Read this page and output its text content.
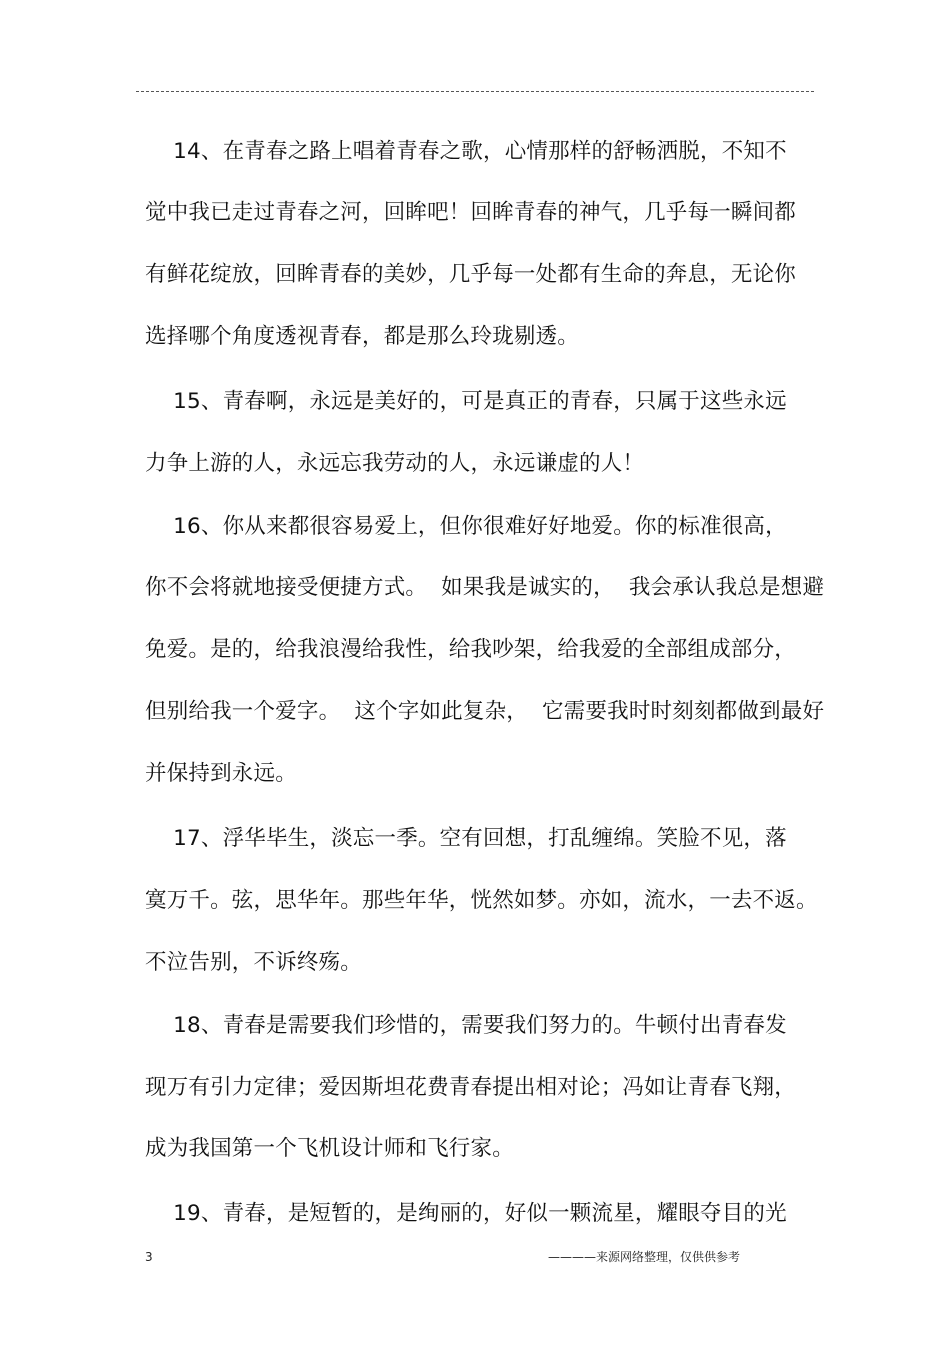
14、在青春之路上唱着青春之歌，心情那样的舒畅洒脱，不知不
觉中我已走过青春之河，回眸吧！回眸青春的神气，几乎每一瞬间都
有鲜花绽放，回眸青春的美妙，几乎每一处都有生命的奔息，无论你
选择哪个角度透视青春，都是那么玲珑剔透。
15、青春啊，永远是美好的，可是真正的青春，只属于这些永远
力争上游的人，永远忘我劳动的人，永远谦虚的人！
16、你从来都很容易爱上，但你很难好好地爱。你的标准很高，
你不会将就地接受便捷方式。  如果我是诚实的，  我会承认我总是想避
免爱。是的，给我浪漫给我性，给我吵架，给我爱的全部组成部分，
但别给我一个爱字。  这个字如此复杂，  它需要我时时刻刻都做到最好
并保持到永远。
17、浮华毕生，淡忘一季。空有回想，打乱缠绵。笑脸不见，落
寞万千。弦，思华年。那些年华，恍然如梦。亦如，流水，一去不返。
不泣告别，不诉终殇。
18、青春是需要我们珍惜的，需要我们努力的。牛顿付出青春发
现万有引力定律；爱因斯坦花费青春提出相对论；冯如让青春飞翔，
成为我国第一个飞机设计师和飞行家。
19、青春，是短暂的，是绚丽的，好似一颗流星，耀眼夺目的光
3	————来源网络整理，仅供供参考
